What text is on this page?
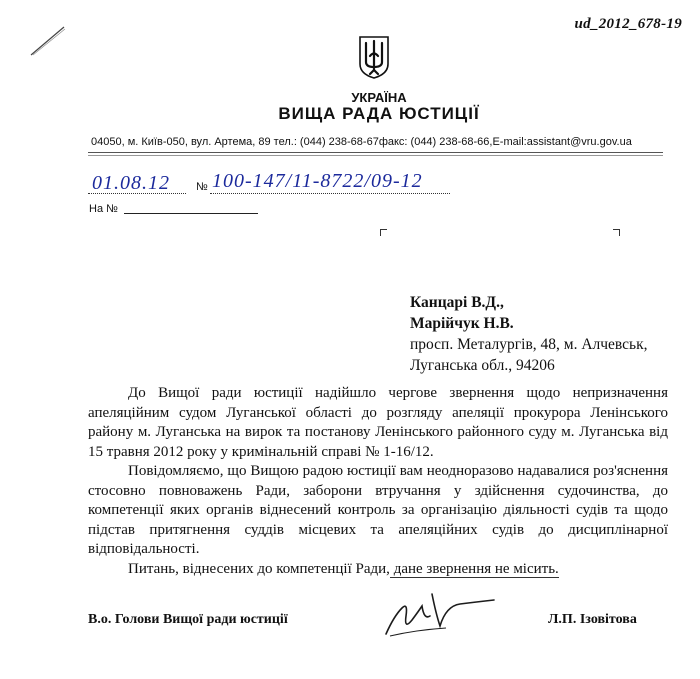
ud_2012_678-19
УКРАЇНА
ВИЩА РАДА ЮСТИЦІЇ
04050, м. Київ-050, вул. Артема, 89 тел.: (044) 238-68-67факс: (044) 238-68-66,E-mail:assistant@vru.gov.ua
01.08.12 № 100-147/11-8722/09-12
На №
Канцарі В.Д.,
Марійчук Н.В.
просп. Металургів, 48, м. Алчевськ,
Луганська обл., 94206

До Вищої ради юстиції надійшло чергове звернення щодо непризначення апеляційним судом Луганської області до розгляду апеляції прокурора Ленінського району м. Луганська на вирок та постанову Ленінського районного суду м. Луганська від 15 травня 2012 року у кримінальній справі № 1-16/12.

Повідомляємо, що Вищою радою юстиції вам неодноразово надавалися роз'яснення стосовно повноважень Ради, заборони втручання у здійснення судочинства, до компетенції яких органів віднесений контроль за організацію діяльності судів та щодо підстав притягнення суддів місцевих та апеляційних судів до дисциплінарної відповідальності.

Питань, віднесених до компетенції Ради, дане звернення не місить.

В.о. Голови Вищої ради юстиції	Л.П. Ізовітова
